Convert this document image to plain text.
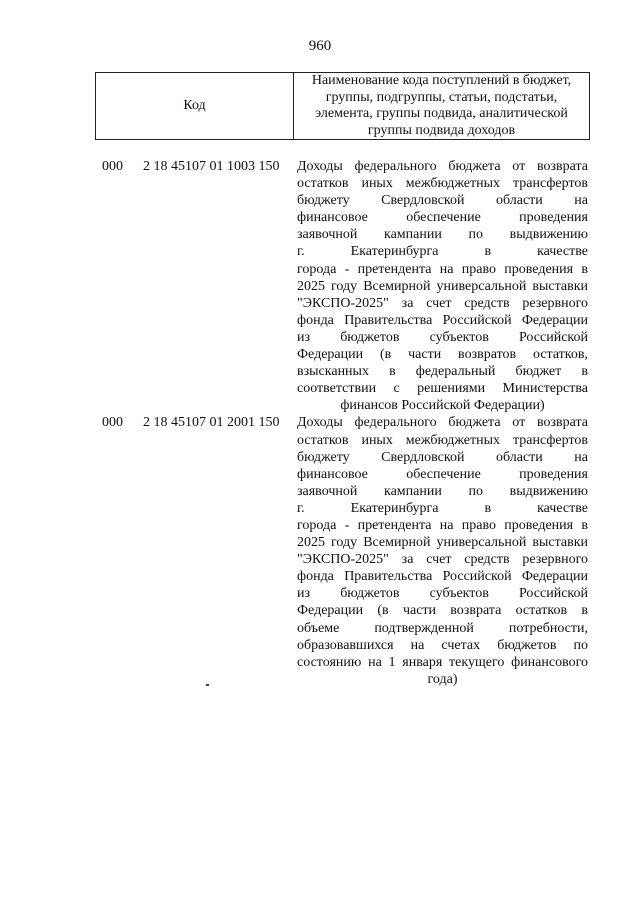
960
Код	Наименование кода поступлений в бюджет, группы, подгруппы, статьи, подстатьи, элемента, группы подвида, аналитической группы подвида доходов
000 2 18 45107 01 1003 150 Доходы федерального бюджета от возврата
остатков иных межбюджетных трансфертов
бюджету Свердловской области на
финансовое обеспечение проведения
заявочной кампании по выдвижению
г. Екатеринбурга в качестве
города - претендента на право проведения в
2025 году Всемирной универсальной выставки
"ЭКСПО-2025" за счет средств резервного
фонда Правительства Российской Федерации
из бюджетов субъектов Российской
Федерации (в части возвратов остатков,
взысканных в федеральный бюджет в
соответствии с решениями Министерства
финансов Российской Федерации)
000 2 18 45107 01 2001 150 Доходы федерального бюджета от возврата
остатков иных межбюджетных трансфертов
бюджету Свердловской области на
финансовое обеспечение проведения
заявочной кампании по выдвижению
г. Екатеринбурга в качестве
города - претендента на право проведения в
2025 году Всемирной универсальной выставки
"ЭКСПО-2025" за счет средств резервного
фонда Правительства Российской Федерации
из бюджетов субъектов Российской
Федерации (в части возврата остатков в
объеме подтвержденной потребности,
образовавшихся на счетах бюджетов по
состоянию на 1 января текущего финансового
года)
